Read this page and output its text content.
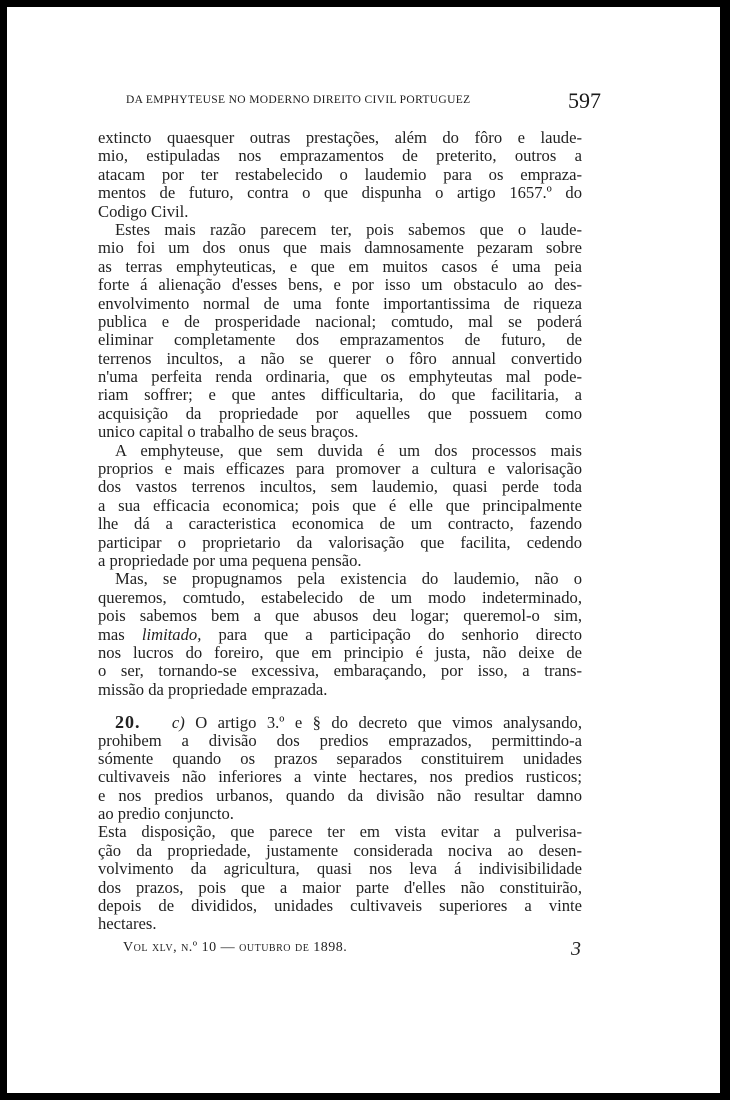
DA EMPHYTEUSE NO MODERNO DIREITO CIVIL PORTUGUEZ	597

extincto quaesquer outras prestações, além do fôro e laude-
mio, estipuladas nos emprazamentos de preterito, outros a
atacam por ter restabelecido o laudemio para os empraza-
mentos de futuro, contra o que dispunha o artigo 1657.º do
Codigo Civil.

Estes mais razão parecem ter, pois sabemos que o laude-
mio foi um dos onus que mais damnosamente pezaram sobre
as terras emphyteuticas, e que em muitos casos é uma peia
forte á alienação d'esses bens, e por isso um obstaculo ao des-
envolvimento normal de uma fonte importantissima de riqueza
publica e de prosperidade nacional; comtudo, mal se poderá
eliminar completamente dos emprazamentos de futuro, de
terrenos incultos, a não se querer o fôro annual convertido
n'uma perfeita renda ordinaria, que os emphyteutas mal pode-
riam soffrer; e que antes difficultaria, do que facilitaria, a
acquisição da propriedade por aquelles que possuem como
unico capital o trabalho de seus braços.

A emphyteuse, que sem duvida é um dos processos mais
proprios e mais efficazes para promover a cultura e valorisação
dos vastos terrenos incultos, sem laudemio, quasi perde toda
a sua efficacia economica; pois que é elle que principalmente
lhe dá a caracteristica economica de um contracto, fazendo
participar o proprietario da valorisação que facilita, cedendo
a propriedade por uma pequena pensão.

Mas, se propugnamos pela existencia do laudemio, não o
queremos, comtudo, estabelecido de um modo indeterminado,
pois sabemos bem a que abusos deu logar; queremol-o sim,
mas limitado, para que a participação do senhorio directo
nos lucros do foreiro, que em principio é justa, não deixe de
o ser, tornando-se excessiva, embaraçando, por isso, a trans-
missão da propriedade emprazada.

20. c) O artigo 3.º e § do decreto que vimos analysando,
prohibem a divisão dos predios emprazados, permittindo-a
sómente quando os prazos separados constituirem unidades
cultivaveis não inferiores a vinte hectares, nos predios rusticos;
e nos predios urbanos, quando da divisão não resultar damno
ao predio conjuncto.

Esta disposição, que parece ter em vista evitar a pulverisa-
ção da propriedade, justamente considerada nociva ao desen-
volvimento da agricultura, quasi nos leva á indivisibilidade
dos prazos, pois que a maior parte d'elles não constituirão,
depois de divididos, unidades cultivaveis superiores a vinte
hectares.

Vol xlv, n.º 10 — outubro de 1898.	3
